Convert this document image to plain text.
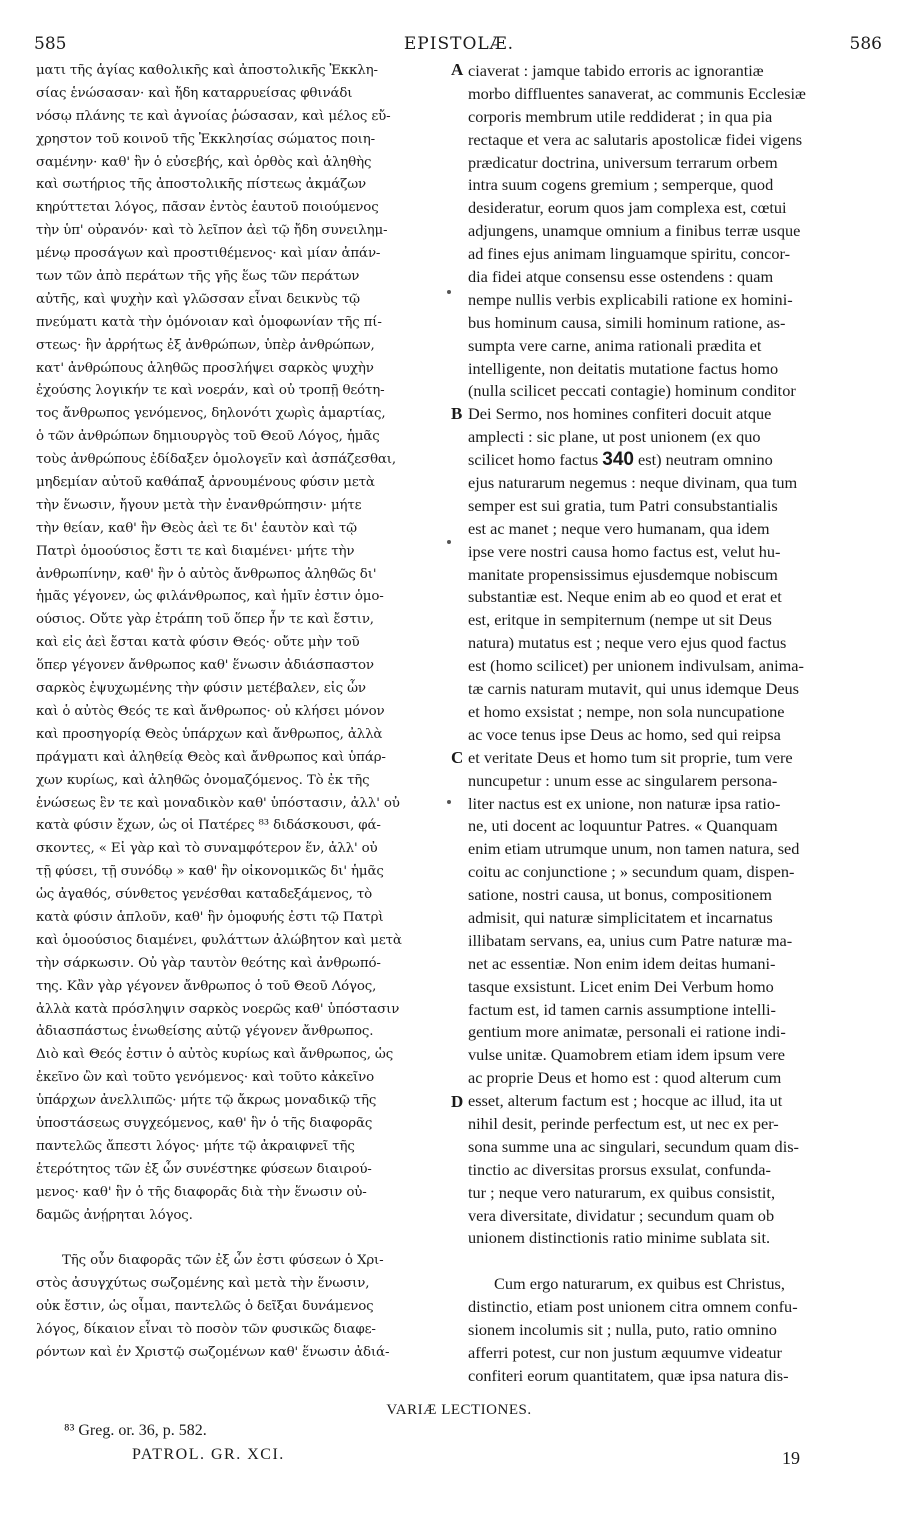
585	EPISTOLÆ.	586
ματι τῆς ἁγίας καθολικῆς καὶ ἀποστολικῆς Ἐκκλη-
σίας ἑνώσασαν· καὶ ἤδη καταρρυείσας φθινάδι
νόσῳ πλάνης τε καὶ ἀγνοίας ῥώσασαν, καὶ μέλος εὔ-
χρηστον τοῦ κοινοῦ τῆς Ἐκκλησίας σώματος ποιη-
σαμένην· καθ' ἣν ὁ εὐσεβής, καὶ ὀρθὸς καὶ ἀληθὴς
καὶ σωτήριος τῆς ἀποστολικῆς πίστεως ἀκμάζων
κηρύττεται λόγος, πᾶσαν ἐντὸς ἑαυτοῦ ποιούμενος
τὴν ὑπ' οὐρανόν· καὶ τὸ λεῖπον ἀεὶ τῷ ἤδη συνειλημ-
μένῳ προσάγων καὶ προστιθέμενος· καὶ μίαν ἀπάν-
των τῶν ἀπὸ περάτων τῆς γῆς ἕως τῶν περάτων
αὐτῆς, καὶ ψυχὴν καὶ γλῶσσαν εἶναι δεικνὺς τῷ
πνεύματι κατὰ τὴν ὁμόνοιαν καὶ ὁμοφωνίαν τῆς πί-
στεως· ἣν ἀρρήτως ἐξ ἀνθρώπων, ὑπὲρ ἀνθρώπων,
κατ' ἀνθρώπους ἀληθῶς προσλήψει σαρκὸς ψυχὴν
ἐχούσης λογικήν τε καὶ νοεράν, καὶ οὐ τροπῇ θεότη-
τος ἄνθρωπος γενόμενος, δηλονότι χωρὶς ἁμαρτίας,
ὁ τῶν ἀνθρώπων δημιουργὸς τοῦ Θεοῦ Λόγος, ἡμᾶς
τοὺς ἀνθρώπους ἐδίδαξεν ὁμολογεῖν καὶ ἀσπάζεσθαι,
μηδεμίαν αὐτοῦ καθάπαξ ἀρνουμένους φύσιν μετὰ
τὴν ἕνωσιν, ἤγουν μετὰ τὴν ἐνανθρώπησιν· μήτε
τὴν θείαν, καθ' ἣν Θεὸς ἀεὶ τε δι' ἑαυτὸν καὶ τῷ
Πατρὶ ὁμοούσιος ἔστι τε καὶ διαμένει· μήτε τὴν
ἀνθρωπίνην, καθ' ἣν ὁ αὐτὸς ἄνθρωπος ἀληθῶς δι'
ἡμᾶς γέγονεν, ὡς φιλάνθρωπος, καὶ ἡμῖν ἐστιν ὁμο-
ούσιος. Οὔτε γὰρ ἐτράπη τοῦ ὅπερ ἦν τε καὶ ἔστιν,
καὶ εἰς ἀεὶ ἔσται κατὰ φύσιν Θεός· οὔτε μὴν τοῦ
ὅπερ γέγονεν ἄνθρωπος καθ' ἕνωσιν ἀδιάσπαστον
σαρκὸς ἐψυχωμένης τὴν φύσιν μετέβαλεν, εἰς ὧν
καὶ ὁ αὐτὸς Θεός τε καὶ ἄνθρωπος· οὐ κλήσει μόνον
καὶ προσηγορίᾳ Θεὸς ὑπάρχων καὶ ἄνθρωπος, ἀλλὰ
πράγματι καὶ ἀληθείᾳ Θεὸς καὶ ἄνθρωπος καὶ ὑπάρ-
χων κυρίως, καὶ ἀληθῶς ὀνομαζόμενος. Τὸ ἐκ τῆς
ἑνώσεως ἓν τε καὶ μοναδικὸν καθ' ὑπόστασιν, ἀλλ' οὐ
κατὰ φύσιν ἔχων, ὡς οἱ Πατέρες ⁸³ διδάσκουσι, φά-
σκοντες, « Εἰ γὰρ καὶ τὸ συναμφότερον ἕν, ἀλλ' οὐ
τῇ φύσει, τῇ συνόδῳ » καθ' ἣν οἰκονομικῶς δι' ἡμᾶς
ὡς ἀγαθός, σύνθετος γενέσθαι καταδεξάμενος, τὸ
κατὰ φύσιν ἁπλοῦν, καθ' ἣν ὁμοφυής ἐστι τῷ Πατρὶ
καὶ ὁμοούσιος διαμένει, φυλάττων ἀλώβητον καὶ μετὰ
τὴν σάρκωσιν. Οὐ γὰρ ταυτὸν θεότης καὶ ἀνθρωπό-
της. Κἂν γὰρ γέγονεν ἄνθρωπος ὁ τοῦ Θεοῦ Λόγος,
ἀλλὰ κατὰ πρόσληψιν σαρκὸς νοερῶς καθ' ὑπόστασιν
ἀδιασπάστως ἑνωθείσης αὐτῷ γέγονεν ἄνθρωπος.
Διὸ καὶ Θεός ἐστιν ὁ αὐτὸς κυρίως καὶ ἄνθρωπος, ὡς
ἐκεῖνο ὢν καὶ τοῦτο γενόμενος· καὶ τοῦτο κἀκεῖνο
ὑπάρχων ἀνελλιπῶς· μήτε τῷ ἄκρως μοναδικῷ τῆς
ὑποστάσεως συγχεόμενος, καθ' ἣν ὁ τῆς διαφορᾶς
παντελῶς ἄπεστι λόγος· μήτε τῷ ἀκραιφνεῖ τῆς
ἑτερότητος τῶν ἐξ ὧν συνέστηκε φύσεων διαιρού-
μενος· καθ' ἣν ὁ τῆς διαφορᾶς διὰ τὴν ἕνωσιν οὐ-
δαμῶς ἀνῄρηται λόγος.
Τῆς οὖν διαφορᾶς τῶν ἐξ ὧν ἐστι φύσεων ὁ Χρι-
στὸς ἀσυγχύτως σωζομένης καὶ μετὰ τὴν ἕνωσιν,
οὐκ ἔστιν, ὡς οἶμαι, παντελῶς ὁ δεῖξαι δυνάμενος
λόγος, δίκαιον εἶναι τὸ ποσὸν τῶν φυσικῶς διαφε-
ρόντων καὶ ἐν Χριστῷ σωζομένων καθ' ἕνωσιν ἀδιά-
ciaverat : jamque tabido erroris ac ignorantiæ
morbo diffluentes sanaverat, ac communis Ecclesiæ
corporis membrum utile reddiderat ; in qua pia
rectaque et vera ac salutaris apostolicæ fidei vigens
prædicatur doctrina, universum terrarum orbem
intra suum cogens gremium ; semperque, quod
desideratur, eorum quos jam complexa est, cœtui
adjungens, unamque omnium a finibus terræ usque
ad fines ejus animam linguamque spiritu, concor-
dia fidei atque consensu esse ostendens : quam
nempe nullis verbis explicabili ratione ex homini-
bus hominum causa, simili hominum ratione, as-
sumpta vere carne, anima rationali prædita et
intelligente, non deitatis mutatione factus homo
(nulla scilicet peccati contagie) hominum conditor
Dei Sermo, nos homines confiteri docuit atque
amplecti : sic plane, ut post unionem (ex quo
scilicet homo factus 340 est) neutram omnino
ejus naturarum negemus : neque divinam, qua tum
semper est sui gratia, tum Patri consubstantialis
est ac manet ; neque vero humanam, qua idem
ipse vere nostri causa homo factus est, velut hu-
manitate propensissimus ejusdemque nobiscum
substantiæ est. Neque enim ab eo quod et erat et
est, eritque in sempiternum (nempe ut sit Deus
natura) mutatus est ; neque vero ejus quod factus
est (homo scilicet) per unionem indivulsam, anima-
tæ carnis naturam mutavit, qui unus idemque Deus
et homo exsistat ; nempe, non sola nuncupatione
ac voce tenus ipse Deus ac homo, sed qui reipsa
et veritate Deus et homo tum sit proprie, tum vere
nuncupetur : unum esse ac singularem persona-
liter nactus est ex unione, non naturæ ipsa ratio-
ne, uti docent ac loquuntur Patres. « Quanquam
enim etiam utrumque unum, non tamen natura, sed
coitu ac conjunctione ; » secundum quam, dispen-
satione, nostri causa, ut bonus, compositionem
admisit, qui naturæ simplicitatem et incarnatus
illibatam servans, ea, unius cum Patre naturæ ma-
net ac essentiæ. Non enim idem deitas humani-
tasque exsistunt. Licet enim Dei Verbum homo
factum est, id tamen carnis assumptione intelli-
gentium more animatæ, personali ei ratione indi-
vulse unitæ. Quamobrem etiam idem ipsum vere
ac proprie Deus et homo est : quod alterum cum
esset, alterum factum est ; hocque ac illud, ita ut
nihil desit, perinde perfectum est, ut nec ex per-
sona summe una ac singulari, secundum quam dis-
tinctio ac diversitas prorsus exsulat, confunda-
tur ; neque vero naturarum, ex quibus consistit,
vera diversitate, dividatur ; secundum quam ob
unionem distinctionis ratio minime sublata sit.
Cum ergo naturarum, ex quibus est Christus,
distinctio, etiam post unionem citra omnem confu-
sionem incolumis sit ; nulla, puto, ratio omnino
afferri potest, cur non justum æquumve videatur
confiteri eorum quantitatem, quæ ipsa natura dis-
A
B
C
D
VARIÆ LECTIONES.
⁸³ Greg. or. 36, p. 582.
PATROL. GR. XCI.	19
